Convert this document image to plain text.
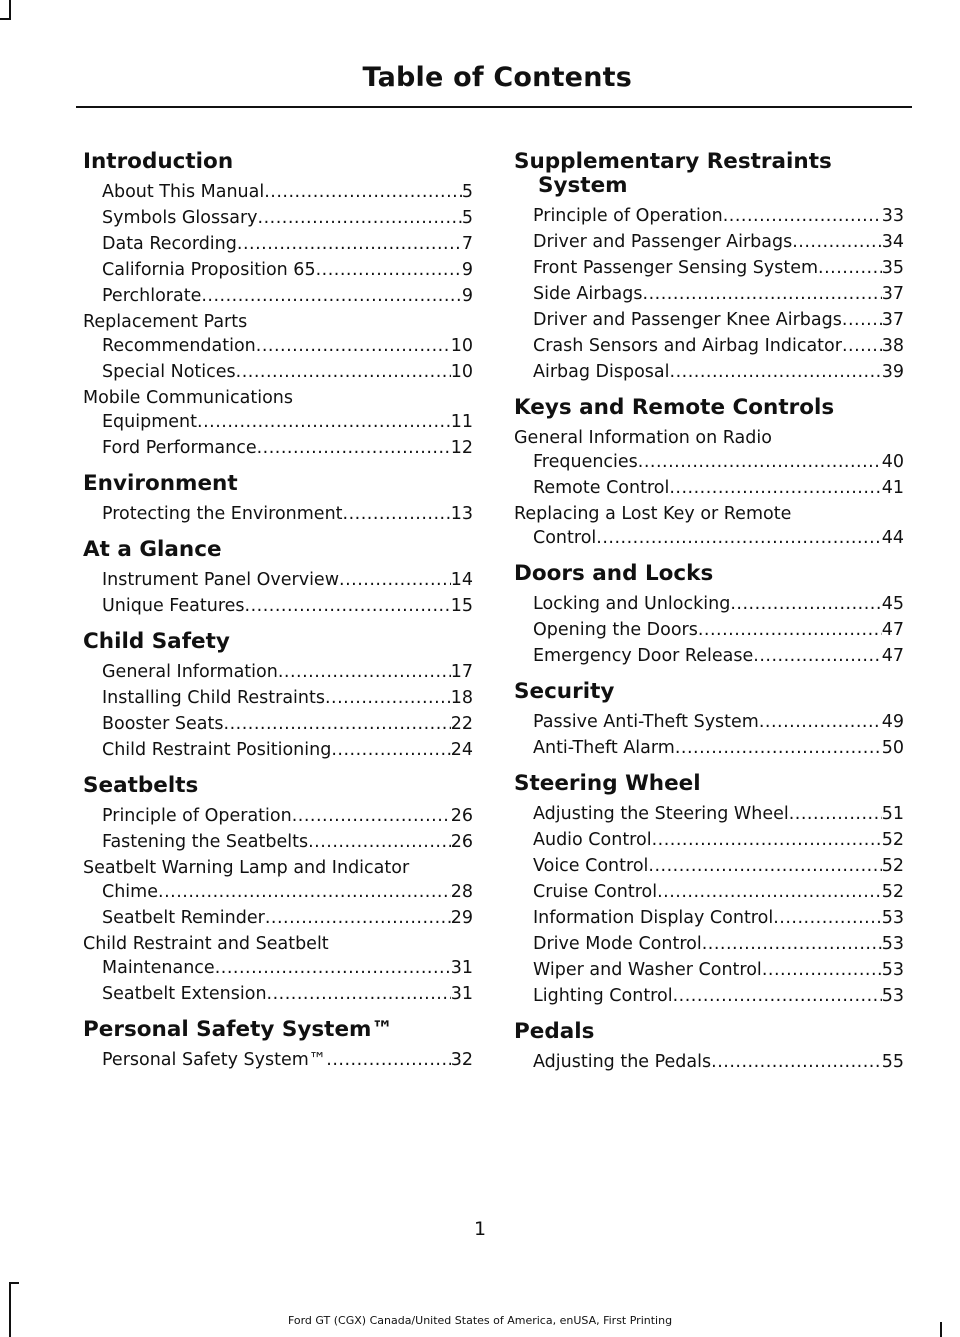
Table of Contents
Introduction
About This Manual .....	5
Symbols Glossary .....	5
Data Recording .....	7
California Proposition 65 .....	9
Perchlorate .....	9
Replacement Parts
Recommendation .....	10
Special Notices .....	10
Mobile Communications
Equipment .....	11
Ford Performance .....	12
Environment
Protecting the Environment .....	13
At a Glance
Instrument Panel Overview .....	14
Unique Features .....	15
Child Safety
General Information .....	17
Installing Child Restraints .....	18
Booster Seats .....	22
Child Restraint Positioning .....	24
Seatbelts
Principle of Operation .....	26
Fastening the Seatbelts .....	26
Seatbelt Warning Lamp and Indicator
Chime .....	28
Seatbelt Reminder .....	29
Child Restraint and Seatbelt
Maintenance .....	31
Seatbelt Extension .....	31
Personal Safety System™
Personal Safety System™ .....	32
Supplementary Restraints System
Principle of Operation .....	33
Driver and Passenger Airbags .....	34
Front Passenger Sensing System .....	35
Side Airbags .....	37
Driver and Passenger Knee Airbags ..... 37
Crash Sensors and Airbag Indicator ..... 38
Airbag Disposal .....	39
Keys and Remote Controls
General Information on Radio
Frequencies .....	40
Remote Control .....	41
Replacing a Lost Key or Remote
Control .....	44
Doors and Locks
Locking and Unlocking .....	45
Opening the Doors .....	47
Emergency Door Release .....	47
Security
Passive Anti-Theft System .....	49
Anti-Theft Alarm .....	50
Steering Wheel
Adjusting the Steering Wheel .....	51
Audio Control .....	52
Voice Control .....	52
Cruise Control .....	52
Information Display Control .....	53
Drive Mode Control .....	53
Wiper and Washer Control .....	53
Lighting Control .....	53
Pedals
Adjusting the Pedals .....	55
1
Ford GT (CGX) Canada/United States of America, enUSA, First Printing
